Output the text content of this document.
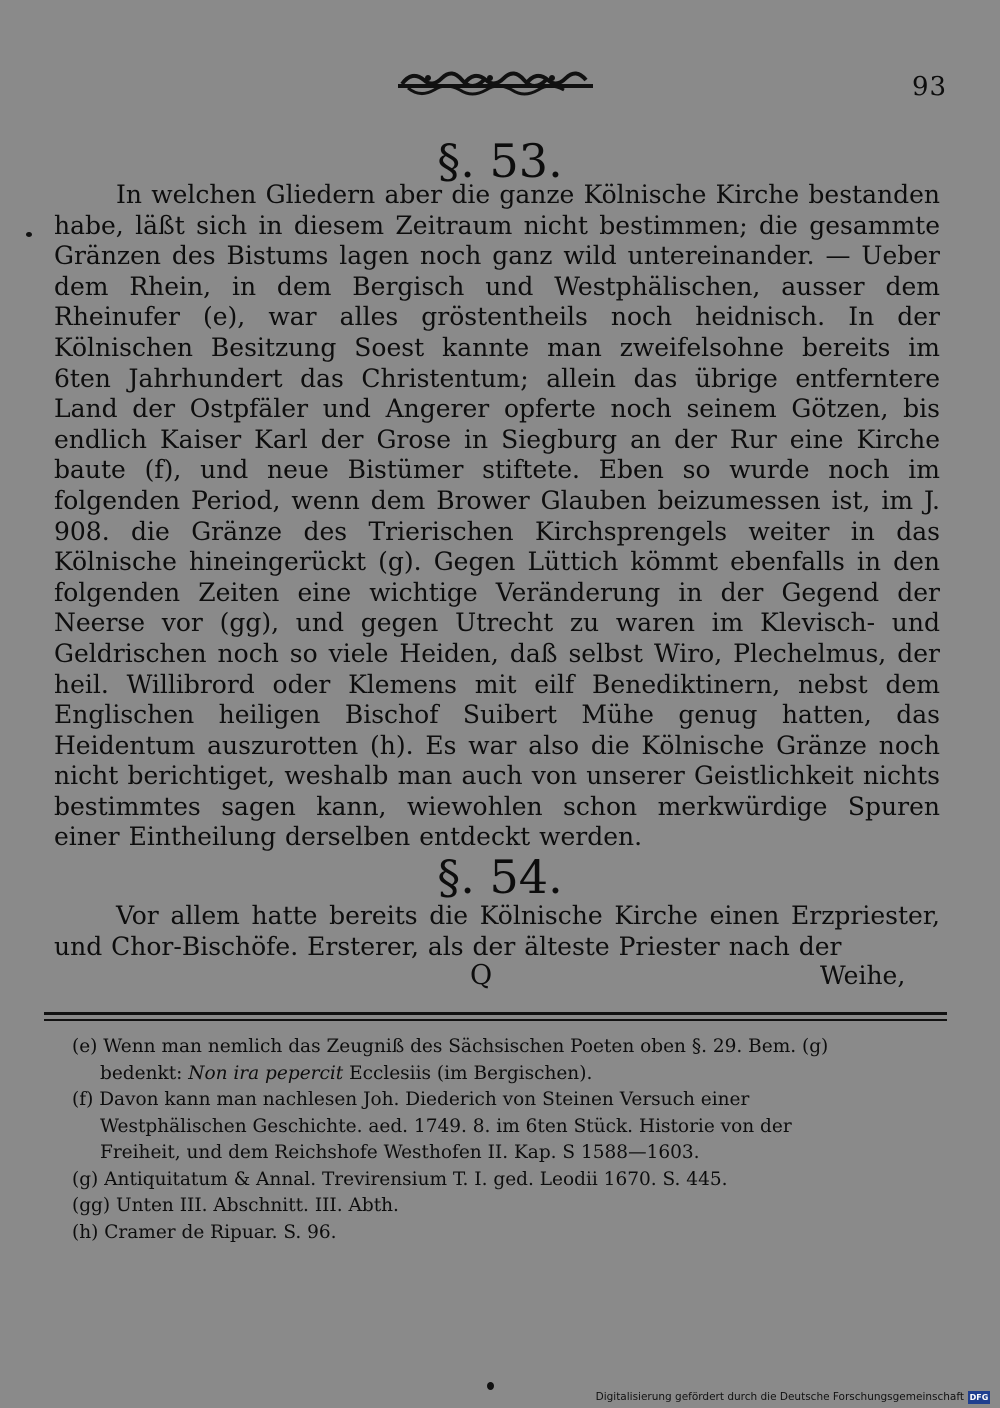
93
§. 53.
In welchen Gliedern aber die ganze Kölnische Kirche bestanden habe, läßt sich in diesem Zeitraum nicht bestimmen; die gesammte Gränzen des Bistums lagen noch ganz wild untereinander. — Ueber dem Rhein, in dem Bergisch und Westphälischen, ausser dem Rheinufer (e), war alles gröstentheils noch heidnisch. In der Kölnischen Besitzung Soest kannte man zweifelsohne bereits im 6ten Jahrhundert das Christentum; allein das übrige entferntere Land der Ostpfäler und Angerer opferte noch seinem Götzen, bis endlich Kaiser Karl der Grose in Siegburg an der Rur eine Kirche baute (f), und neue Bistümer stiftete. Eben so wurde noch im folgenden Period, wenn dem Brower Glauben beizumessen ist, im J. 908. die Gränze des Trierischen Kirchsprengels weiter in das Kölnische hineingerückt (g). Gegen Lüttich kömmt ebenfalls in den folgenden Zeiten eine wichtige Veränderung in der Gegend der Neerse vor (gg), und gegen Utrecht zu waren im Klevisch- und Geldrischen noch so viele Heiden, daß selbst Wiro, Plechelmus, der heil. Willibrord oder Klemens mit eilf Benediktinern, nebst dem Englischen heiligen Bischof Suibert Mühe genug hatten, das Heidentum auszurotten (h). Es war also die Kölnische Gränze noch nicht berichtiget, weshalb man auch von unserer Geistlichkeit nichts bestimmtes sagen kann, wiewohlen schon merkwürdige Spuren einer Eintheilung derselben entdeckt werden.
§. 54.
Vor allem hatte bereits die Kölnische Kirche einen Erzpriester, und Chor-Bischöfe. Ersterer, als der älteste Priester nach der
Q	Weihe,

(e) Wenn man nemlich das Zeugniß des Sächsischen Poeten oben §. 29. Bem. (g)
bedenkt: Non ira pepercit Ecclesiis (im Bergischen).

(f) Davon kann man nachlesen Joh. Diederich von Steinen Versuch einer
Westphälischen Geschichte. aed. 1749. 8. im 6ten Stück. Historie von der
Freiheit, und dem Reichshofe Westhofen II. Kap. S 1588—1603.

(g) Antiquitatum & Annal. Trevirensium T. I. ged. Leodii 1670. S. 445.

(gg) Unten III. Abschnitt. III. Abth.

(h) Cramer de Ripuar. S. 96.

Digitalisierung gefördert durch die Deutsche Forschungsgemeinschaft DFG
